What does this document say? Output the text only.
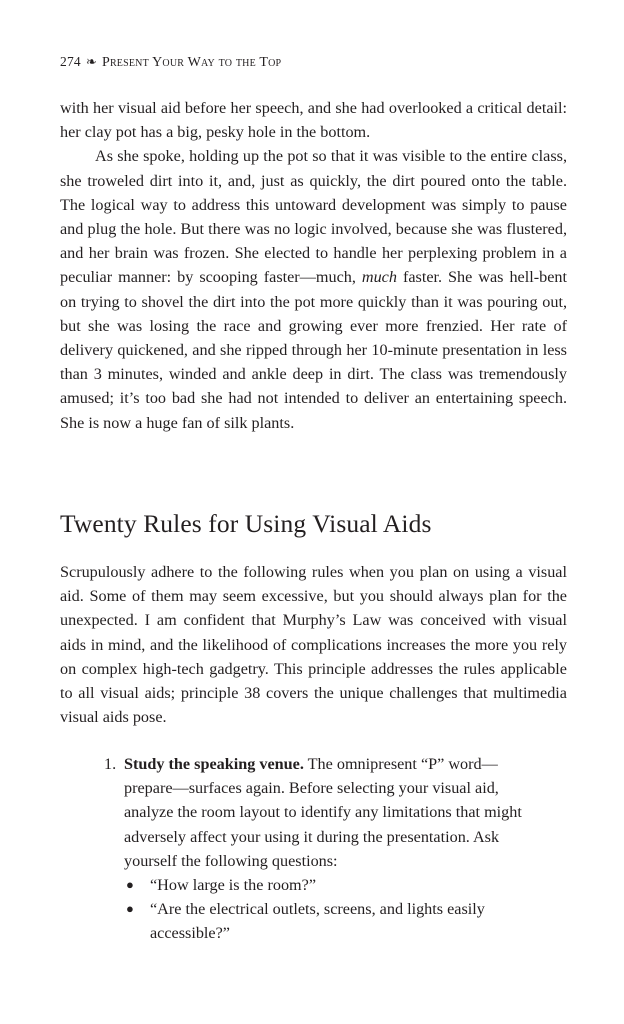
274 ❧ Present Your Way to the Top

with her visual aid before her speech, and she had overlooked a critical detail: her clay pot has a big, pesky hole in the bottom.

As she spoke, holding up the pot so that it was visible to the entire class, she troweled dirt into it, and, just as quickly, the dirt poured onto the table. The logical way to address this untoward development was simply to pause and plug the hole. But there was no logic involved, because she was flustered, and her brain was frozen. She elected to handle her perplexing problem in a peculiar manner: by scooping faster—much, much faster. She was hell-bent on trying to shovel the dirt into the pot more quickly than it was pouring out, but she was losing the race and growing ever more frenzied. Her rate of delivery quickened, and she ripped through her 10-minute presentation in less than 3 minutes, winded and ankle deep in dirt. The class was tremendously amused; it’s too bad she had not intended to deliver an entertaining speech. She is now a huge fan of silk plants.

Twenty Rules for Using Visual Aids

Scrupulously adhere to the following rules when you plan on using a visual aid. Some of them may seem excessive, but you should always plan for the unexpected. I am confident that Murphy’s Law was conceived with visual aids in mind, and the likelihood of complications increases the more you rely on complex high-tech gadgetry. This principle addresses the rules applicable to all visual aids; principle 38 covers the unique challenges that multimedia visual aids pose.

1. Study the speaking venue. The omnipresent “P” word—prepare—surfaces again. Before selecting your visual aid, analyze the room layout to identify any limitations that might adversely affect your using it during the presentation. Ask yourself the following questions:
● “How large is the room?”
● “Are the electrical outlets, screens, and lights easily accessible?”
